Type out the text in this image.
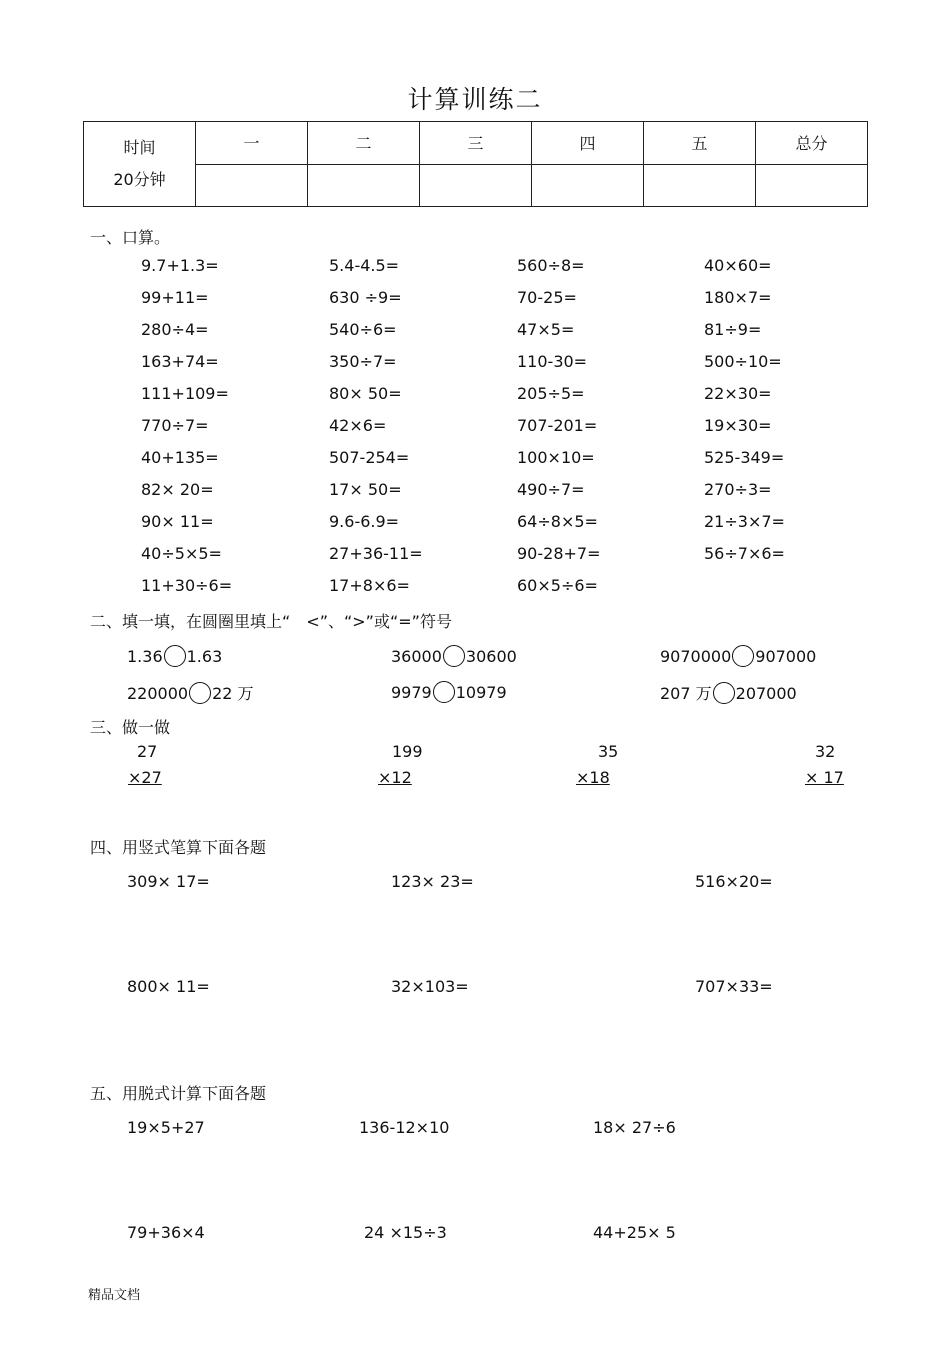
计算训练二
时间
20分钟	一	二	三	四	五	总分

一、口算。
9.7+1.3=	5.4-4.5=	560÷8=	40×60=
99+11=	630 ÷9=	70-25=	180×7=
280÷4=	540÷6=	47×5=	81÷9=
163+74=	350÷7=	110-30=	500÷10=
111+109=	80× 50=	205÷5=	22×30=
770÷7=	42×6=	707-201=	19×30=
40+135=	507-254=	100×10=	525-349=
82× 20=	17× 50=	490÷7=	270÷3=
90× 11=	9.6-6.9=	64÷8×5=	21÷3×7=
40÷5×5=	27+36-11=	90-28+7=	56÷7×6=
11+30÷6=	17+8×6=	60×5÷6=
二、填一填，在圆圈里填上“　<”、“>”或“=”符号
1.36 1.63	36000 30600	9070000 907000
220000 22 万	9979 10979	207 万 207000
三、做一做
27
×27
199
×12
35
×18
32
× 17
四、用竖式笔算下面各题
309× 17=	123× 23=	516×20=
800× 11=	32×103=	707×33=
五、用脱式计算下面各题
19×5+27	136-12×10	18× 27÷6
79+36×4	24 ×15÷3	44+25× 5
精品文档
